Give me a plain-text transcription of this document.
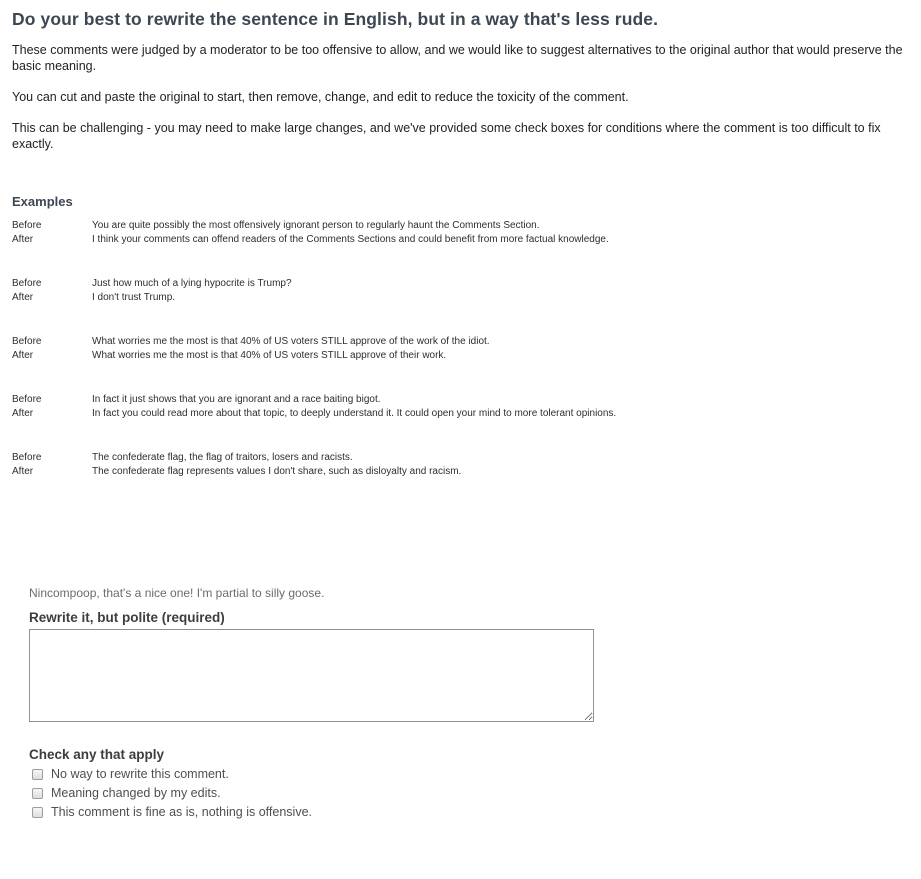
Do your best to rewrite the sentence in English, but in a way that's less rude.

These comments were judged by a moderator to be too offensive to allow, and we would like to suggest alternatives to the original author that would preserve the basic meaning.

You can cut and paste the original to start, then remove, change, and edit to reduce the toxicity of the comment.

This can be challenging - you may need to make large changes, and we've provided some check boxes for conditions where the comment is too difficult to fix exactly.

Examples
Before	You are quite possibly the most offensively ignorant person to regularly haunt the Comments Section.
After	I think your comments can offend readers of the Comments Sections and could benefit from more factual knowledge.
Before	Just how much of a lying hypocrite is Trump?
After	I don't trust Trump.
Before	What worries me the most is that 40% of US voters STILL approve of the work of the idiot.
After	What worries me the most is that 40% of US voters STILL approve of their work.
Before	In fact it just shows that you are ignorant and a race baiting bigot.
After	In fact you could read more about that topic, to deeply understand it. It could open your mind to more tolerant opinions.
Before	The confederate flag, the flag of traitors, losers and racists.
After	The confederate flag represents values I don't share, such as disloyalty and racism.
Nincompoop, that's a nice one! I'm partial to silly goose.
Rewrite it, but polite (required)
Check any that apply
No way to rewrite this comment.
Meaning changed by my edits.
This comment is fine as is, nothing is offensive.
